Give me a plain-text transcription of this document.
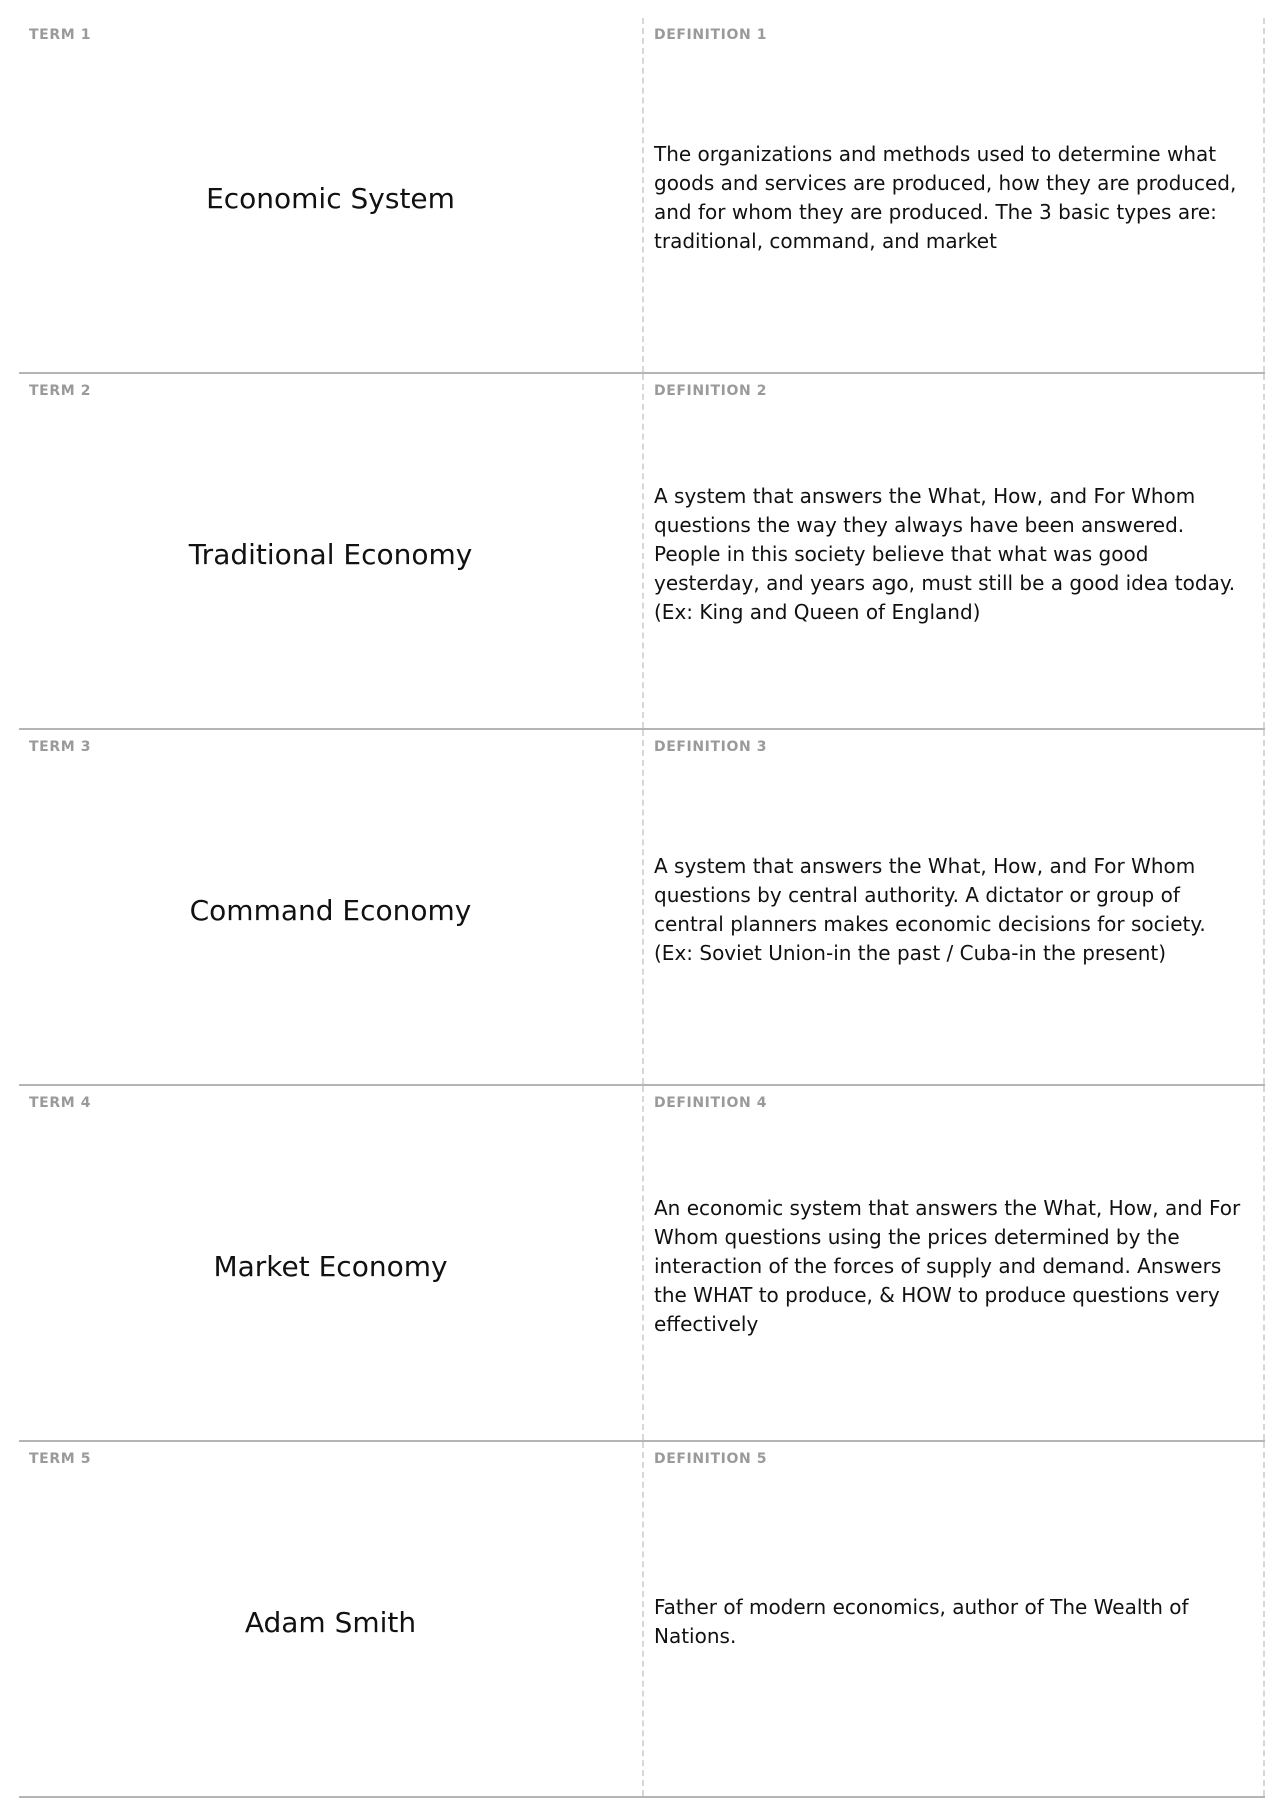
TERM 1
Economic System
DEFINITION 1
The organizations and methods used to determine what goods and services are produced, how they are produced, and for whom they are produced. The 3 basic types are: traditional, command, and market
TERM 2
Traditional Economy
DEFINITION 2
A system that answers the What, How, and For Whom questions the way they always have been answered. People in this society believe that what was good yesterday, and years ago, must still be a good idea today. (Ex: King and Queen of England)
TERM 3
Command Economy
DEFINITION 3
A system that answers the What, How, and For Whom questions by central authority. A dictator or group of central planners makes economic decisions for society. (Ex: Soviet Union-in the past / Cuba-in the present)
TERM 4
Market Economy
DEFINITION 4
An economic system that answers the What, How, and For Whom questions using the prices determined by the interaction of the forces of supply and demand. Answers the WHAT to produce, & HOW to produce questions very effectively
TERM 5
Adam Smith
DEFINITION 5
Father of modern economics, author of The Wealth of Nations.
